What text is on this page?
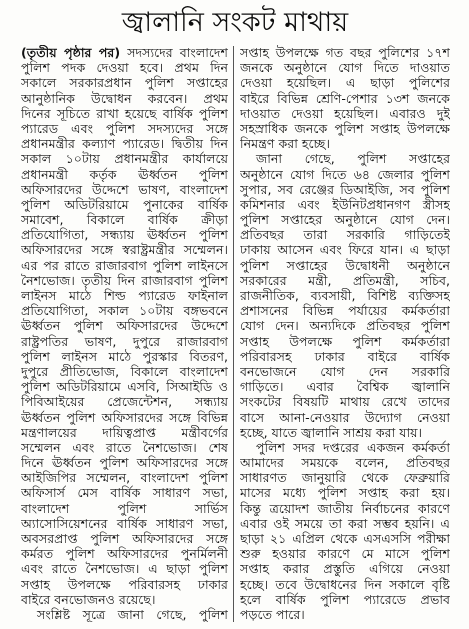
জ্বালানি সংকট মাথায়
(তৃতীয় পৃষ্ঠার পর) সদস্যদের বাংলাদেশ
পুলিশ পদক দেওয়া হবে। প্রথম দিন
সকালে সরকারপ্রধান পুলিশ সপ্তাহের
আনুষ্ঠানিক উদ্বোধন করবেন। প্রথম
দিনের সূচিতে রাখা হয়েছে বার্ষিক পুলিশ
প্যারেড এবং পুলিশ সদস্যদের সঙ্গে
প্রধানমন্ত্রীর কল্যাণ প্যারেড। দ্বিতীয় দিন
সকাল ১০টায় প্রধানমন্ত্রীর কার্যালয়ে
প্রধানমন্ত্রী কর্তৃক ঊর্ধ্বতন পুলিশ
অফিসারদের উদ্দেশে ভাষণ, বাংলাদেশ
পুলিশ অডিটরিয়ামে পুনাকের বার্ষিক
সমাবেশ, বিকালে বার্ষিক ক্রীড়া
প্রতিযোগিতা, সন্ধ্যায় ঊর্ধ্বতন পুলিশ
অফিসারদের সঙ্গে স্বরাষ্ট্রমন্ত্রীর সম্মেলন।
এর পর রাতে রাজারবাগ পুলিশ লাইনসে
নৈশভোজ। তৃতীয় দিন রাজারবাগ পুলিশ
লাইনস মাঠে শিল্ড প্যারেড ফাইনাল
প্রতিযোগিতা, সকাল ১০টায় বঙ্গভবনে
ঊর্ধ্বতন পুলিশ অফিসারদের উদ্দেশে
রাষ্ট্রপতির ভাষণ, দুপুরে রাজারবাগ
পুলিশ লাইনস মাঠে পুরস্কার বিতরণ,
দুপুরে প্রীতিভোজ, বিকালে বাংলাদেশ
পুলিশ অডিটরিয়ামে এসবি, সিআইডি ও
পিবিআইয়ের প্রেজেন্টেশন, সন্ধ্যায়
ঊর্ধ্বতন পুলিশ অফিসারদের সঙ্গে বিভিন্ন
মন্ত্রণালয়ের দায়িত্বপ্রাপ্ত মন্ত্রীবর্গের
সম্মেলন এবং রাতে নৈশভোজ। শেষ
দিনে ঊর্ধ্বতন পুলিশ অফিসারদের সঙ্গে
আইজিপির সম্মেলন, বাংলাদেশ পুলিশ
অফিসার্স মেস বার্ষিক সাধারণ সভা,
বাংলাদেশ পুলিশ সার্ভিস
অ্যাসোসিয়েশনের বার্ষিক সাধারণ সভা,
অবসরপ্রাপ্ত পুলিশ অফিসারদের সঙ্গে
কর্মরত পুলিশ অফিসারদের পুনর্মিলনী
এবং রাতে নৈশভোজ। এ ছাড়া পুলিশ
সপ্তাহ উপলক্ষে পরিবারসহ ঢাকার
বাইরে বনভোজনও রয়েছে।
সংশ্লিষ্ট সূত্রে জানা গেছে, পুলিশ
সপ্তাহ উপলক্ষে গত বছর পুলিশের ১৭শ
জনকে অনুষ্ঠানে যোগ দিতে দাওয়াত
দেওয়া হয়েছিল। এ ছাড়া পুলিশের
বাইরে বিভিন্ন শ্রেণি-পেশার ১৩শ জনকে
দাওয়াত দেওয়া হয়েছিল। এবারও দুই
সহস্রাধিক জনকে পুলিশ সপ্তাহ উপলক্ষে
নিমন্ত্রণ করা হচ্ছে।
জানা গেছে, পুলিশ সপ্তাহের
অনুষ্ঠানে যোগ দিতে ৬৪ জেলার পুলিশ
সুপার, সব রেঞ্জের ডিআইজি, সব পুলিশ
কমিশনার এবং ইউনিটপ্রধানগণ স্ত্রীসহ
পুলিশ সপ্তাহের অনুষ্ঠানে যোগ দেন।
প্রতিবছর তারা সরকারি গাড়িতেই
ঢাকায় আসেন এবং ফিরে যান। এ ছাড়া
পুলিশ সপ্তাহের উদ্বোধনী অনুষ্ঠানে
সরকারের মন্ত্রী, প্রতিমন্ত্রী, সচিব,
রাজনীতিক, ব্যবসায়ী, বিশিষ্ট ব্যক্তিসহ
প্রশাসনের বিভিন্ন পর্যায়ের কর্মকর্তারা
যোগ দেন। অন্যদিকে প্রতিবছর পুলিশ
সপ্তাহ উপলক্ষে পুলিশ কর্মকর্তারা
পরিবারসহ ঢাকার বাইরে বার্ষিক
বনভোজনে যোগ দেন সরকারি
গাড়িতে। এবার বৈশ্বিক জ্বালানি
সংকটের বিষয়টি মাথায় রেখে তাদের
বাসে আনা-নেওয়ার উদ্যোগ নেওয়া
হচ্ছে, যাতে জ্বালানি সাশ্রয় করা যায়।
পুলিশ সদর দপ্তরের একজন কর্মকর্তা
আমাদের সময়কে বলেন, প্রতিবছর
সাধারণত জানুয়ারি থেকে ফেব্রুয়ারি
মাসের মধ্যে পুলিশ সপ্তাহ করা হয়।
কিন্তু ত্রয়োদশ জাতীয় নির্বাচনের কারণে
এবার ওই সময়ে তা করা সম্ভব হয়নি। এ
ছাড়া ২১ এপ্রিল থেকে এসএসসি পরীক্ষা
শুরু হওয়ার কারণে মে মাসে পুলিশ
সপ্তাহ করার প্রস্তুতি এগিয়ে নেওয়া
হচ্ছে। তবে উদ্বোধনের দিন সকালে বৃষ্টি
হলে বার্ষিক পুলিশ প্যারেডে প্রভাব
পড়তে পারে।
